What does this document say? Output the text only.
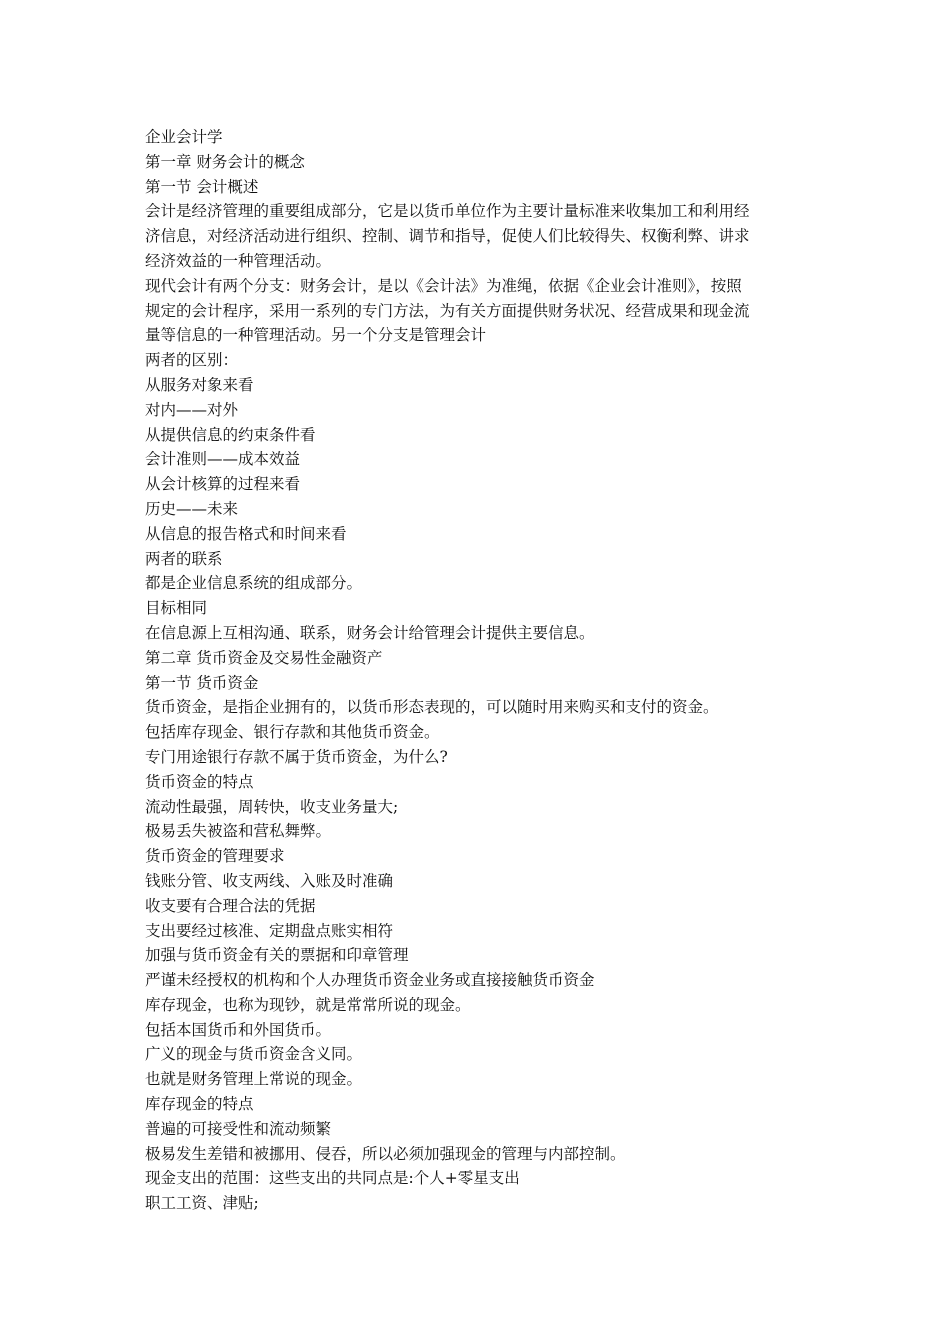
企业会计学
第一章 财务会计的概念
第一节 会计概述
会计是经济管理的重要组成部分，它是以货币单位作为主要计量标准来收集加工和利用经
济信息，对经济活动进行组织、控制、调节和指导，促使人们比较得失、权衡利弊、讲求
经济效益的一种管理活动。
现代会计有两个分支：财务会计，是以《会计法》为准绳，依据《企业会计准则》，按照
规定的会计程序，采用一系列的专门方法，为有关方面提供财务状况、经营成果和现金流
量等信息的一种管理活动。另一个分支是管理会计
两者的区别：
从服务对象来看
对内——对外
从提供信息的约束条件看
会计准则——成本效益
从会计核算的过程来看
历史——未来
从信息的报告格式和时间来看
两者的联系
都是企业信息系统的组成部分。
目标相同
在信息源上互相沟通、联系，财务会计给管理会计提供主要信息。
第二章 货币资金及交易性金融资产
第一节 货币资金
货币资金，是指企业拥有的，以货币形态表现的，可以随时用来购买和支付的资金。
包括库存现金、银行存款和其他货币资金。
专门用途银行存款不属于货币资金，为什么?
货币资金的特点
流动性最强，周转快，收支业务量大;
极易丢失被盗和营私舞弊。
货币资金的管理要求
钱账分管、收支两线、入账及时准确
收支要有合理合法的凭据
支出要经过核准、定期盘点账实相符
加强与货币资金有关的票据和印章管理
严谨未经授权的机构和个人办理货币资金业务或直接接触货币资金
库存现金，也称为现钞，就是常常所说的现金。
包括本国货币和外国货币。
广义的现金与货币资金含义同。
也就是财务管理上常说的现金。
库存现金的特点
普遍的可接受性和流动频繁
极易发生差错和被挪用、侵吞，所以必须加强现金的管理与内部控制。
现金支出的范围：这些支出的共同点是:个人+零星支出
职工工资、津贴;
